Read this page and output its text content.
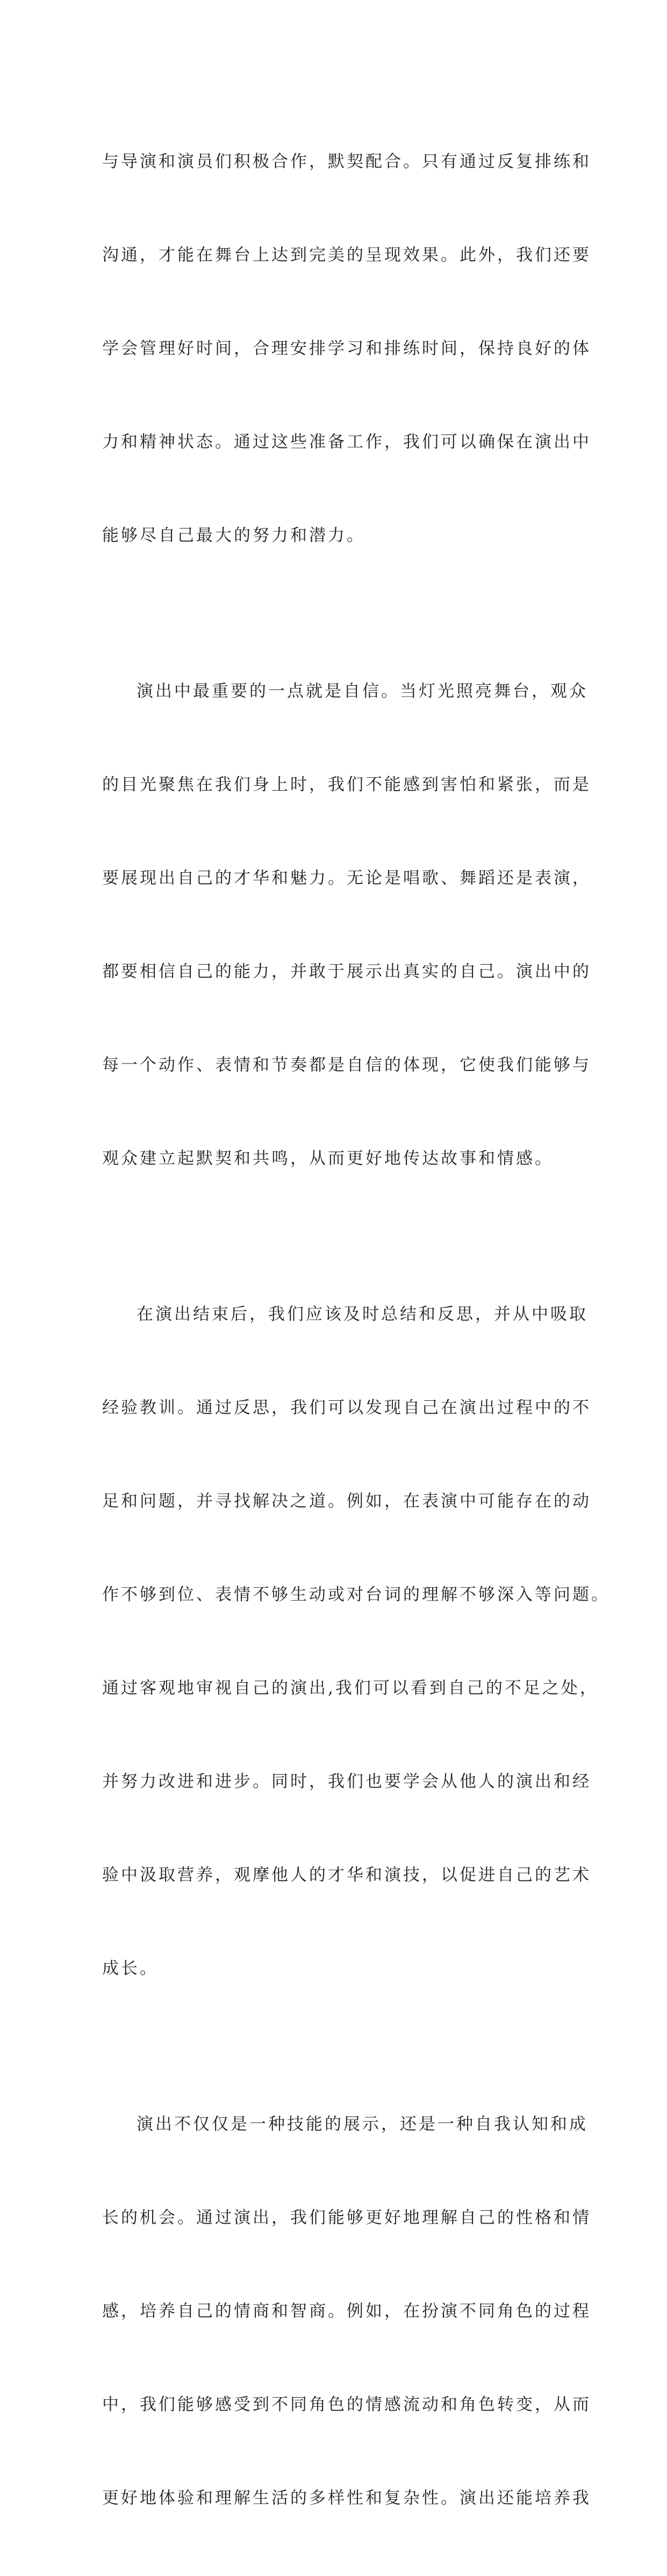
与导演和演员们积极合作，默契配合。只有通过反复排练和

沟通，才能在舞台上达到完美的呈现效果。此外，我们还要

学会管理好时间，合理安排学习和排练时间，保持良好的体

力和精神状态。通过这些准备工作，我们可以确保在演出中

能够尽自己最大的努力和潜力。

演出中最重要的一点就是自信。当灯光照亮舞台，观众

的目光聚焦在我们身上时，我们不能感到害怕和紧张，而是

要展现出自己的才华和魅力。无论是唱歌、舞蹈还是表演，

都要相信自己的能力，并敢于展示出真实的自己。演出中的

每一个动作、表情和节奏都是自信的体现，它使我们能够与

观众建立起默契和共鸣，从而更好地传达故事和情感。

在演出结束后，我们应该及时总结和反思，并从中吸取

经验教训。通过反思，我们可以发现自己在演出过程中的不

足和问题，并寻找解决之道。例如，在表演中可能存在的动

作不够到位、表情不够生动或对台词的理解不够深入等问题。

通过客观地审视自己的演出,我们可以看到自己的不足之处，

并努力改进和进步。同时，我们也要学会从他人的演出和经

验中汲取营养，观摩他人的才华和演技，以促进自己的艺术

成长。

演出不仅仅是一种技能的展示，还是一种自我认知和成

长的机会。通过演出，我们能够更好地理解自己的性格和情

感，培养自己的情商和智商。例如，在扮演不同角色的过程

中，我们能够感受到不同角色的情感流动和角色转变，从而

更好地体验和理解生活的多样性和复杂性。演出还能培养我
